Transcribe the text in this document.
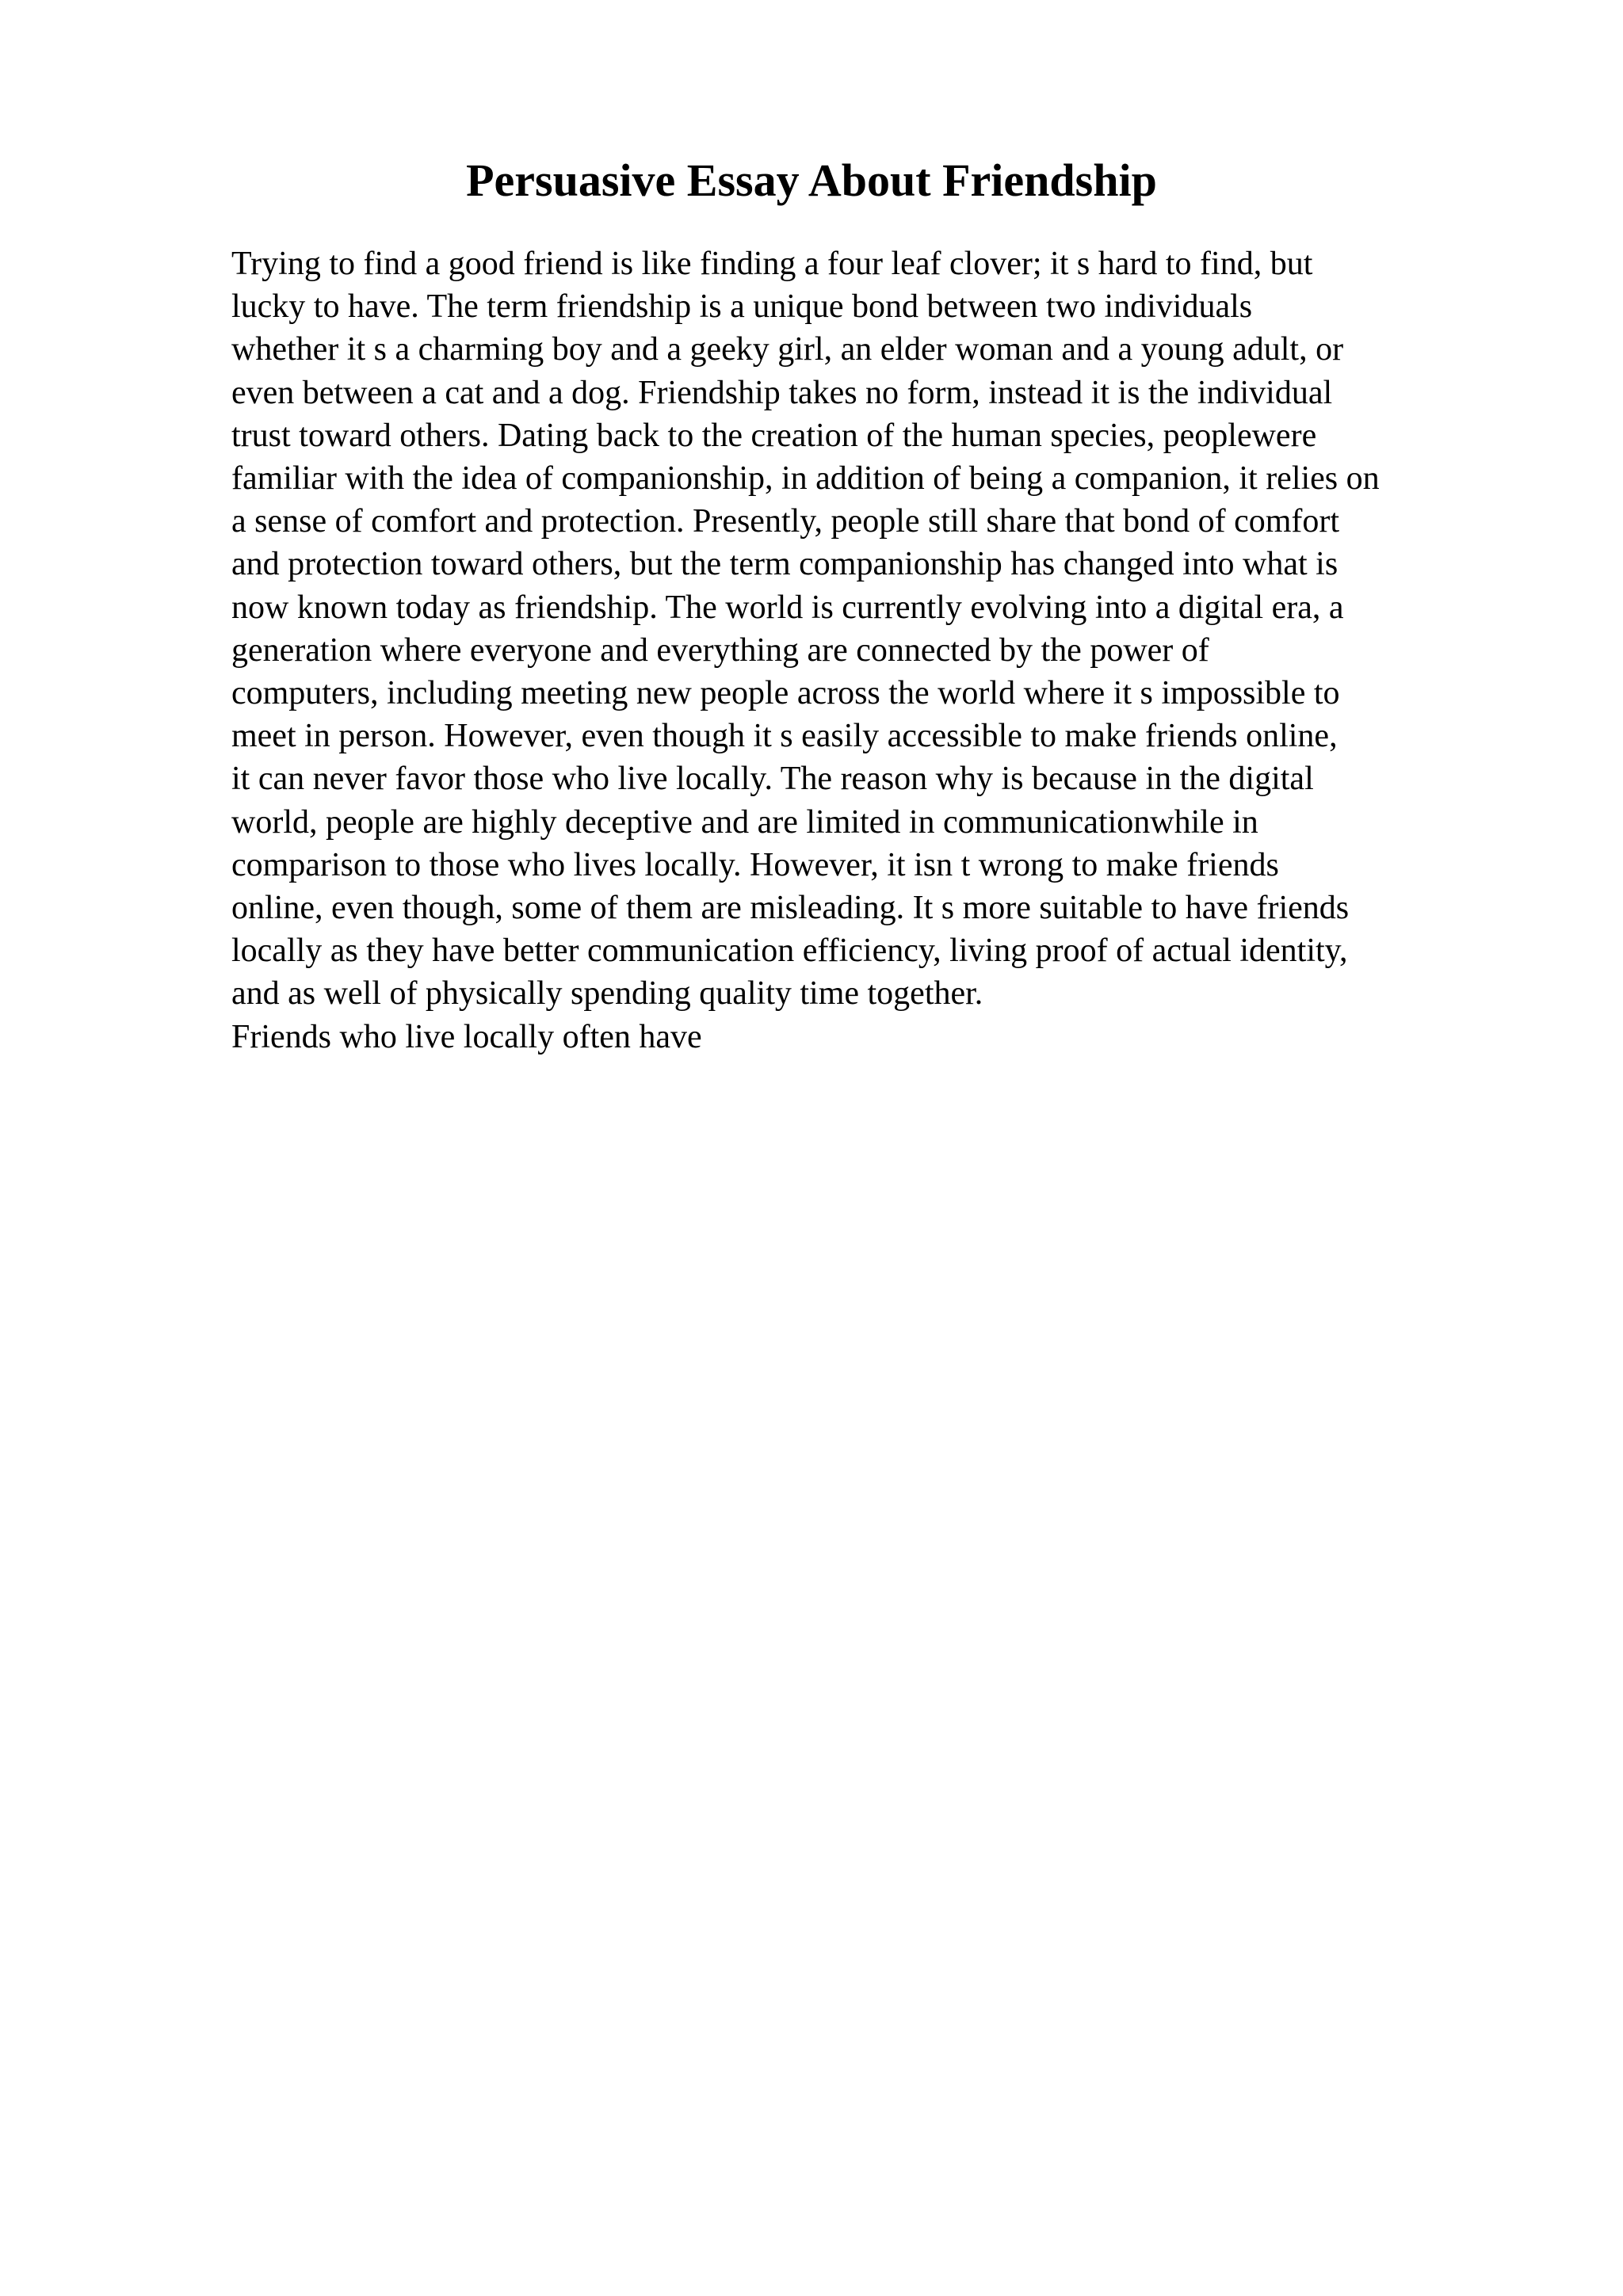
Persuasive Essay About Friendship
Trying to find a good friend is like finding a four leaf clover; it s hard to find, but
lucky to have. The term friendship is a unique bond between two individuals
whether it s a charming boy and a geeky girl, an elder woman and a young adult, or
even between a cat and a dog. Friendship takes no form, instead it is the individual
trust toward others. Dating back to the creation of the human species, peoplewere
familiar with the idea of companionship, in addition of being a companion, it relies on
a sense of comfort and protection. Presently, people still share that bond of comfort
and protection toward others, but the term companionship has changed into what is
now known today as friendship. The world is currently evolving into a digital era, a
generation where everyone and everything are connected by the power of
computers, including meeting new people across the world where it s impossible to
meet in person. However, even though it s easily accessible to make friends online,
it can never favor those who live locally. The reason why is because in the digital
world, people are highly deceptive and are limited in communicationwhile in
comparison to those who lives locally. However, it isn t wrong to make friends
online, even though, some of them are misleading. It s more suitable to have friends
locally as they have better communication efficiency, living proof of actual identity,
and as well of physically spending quality time together.
Friends who live locally often have
